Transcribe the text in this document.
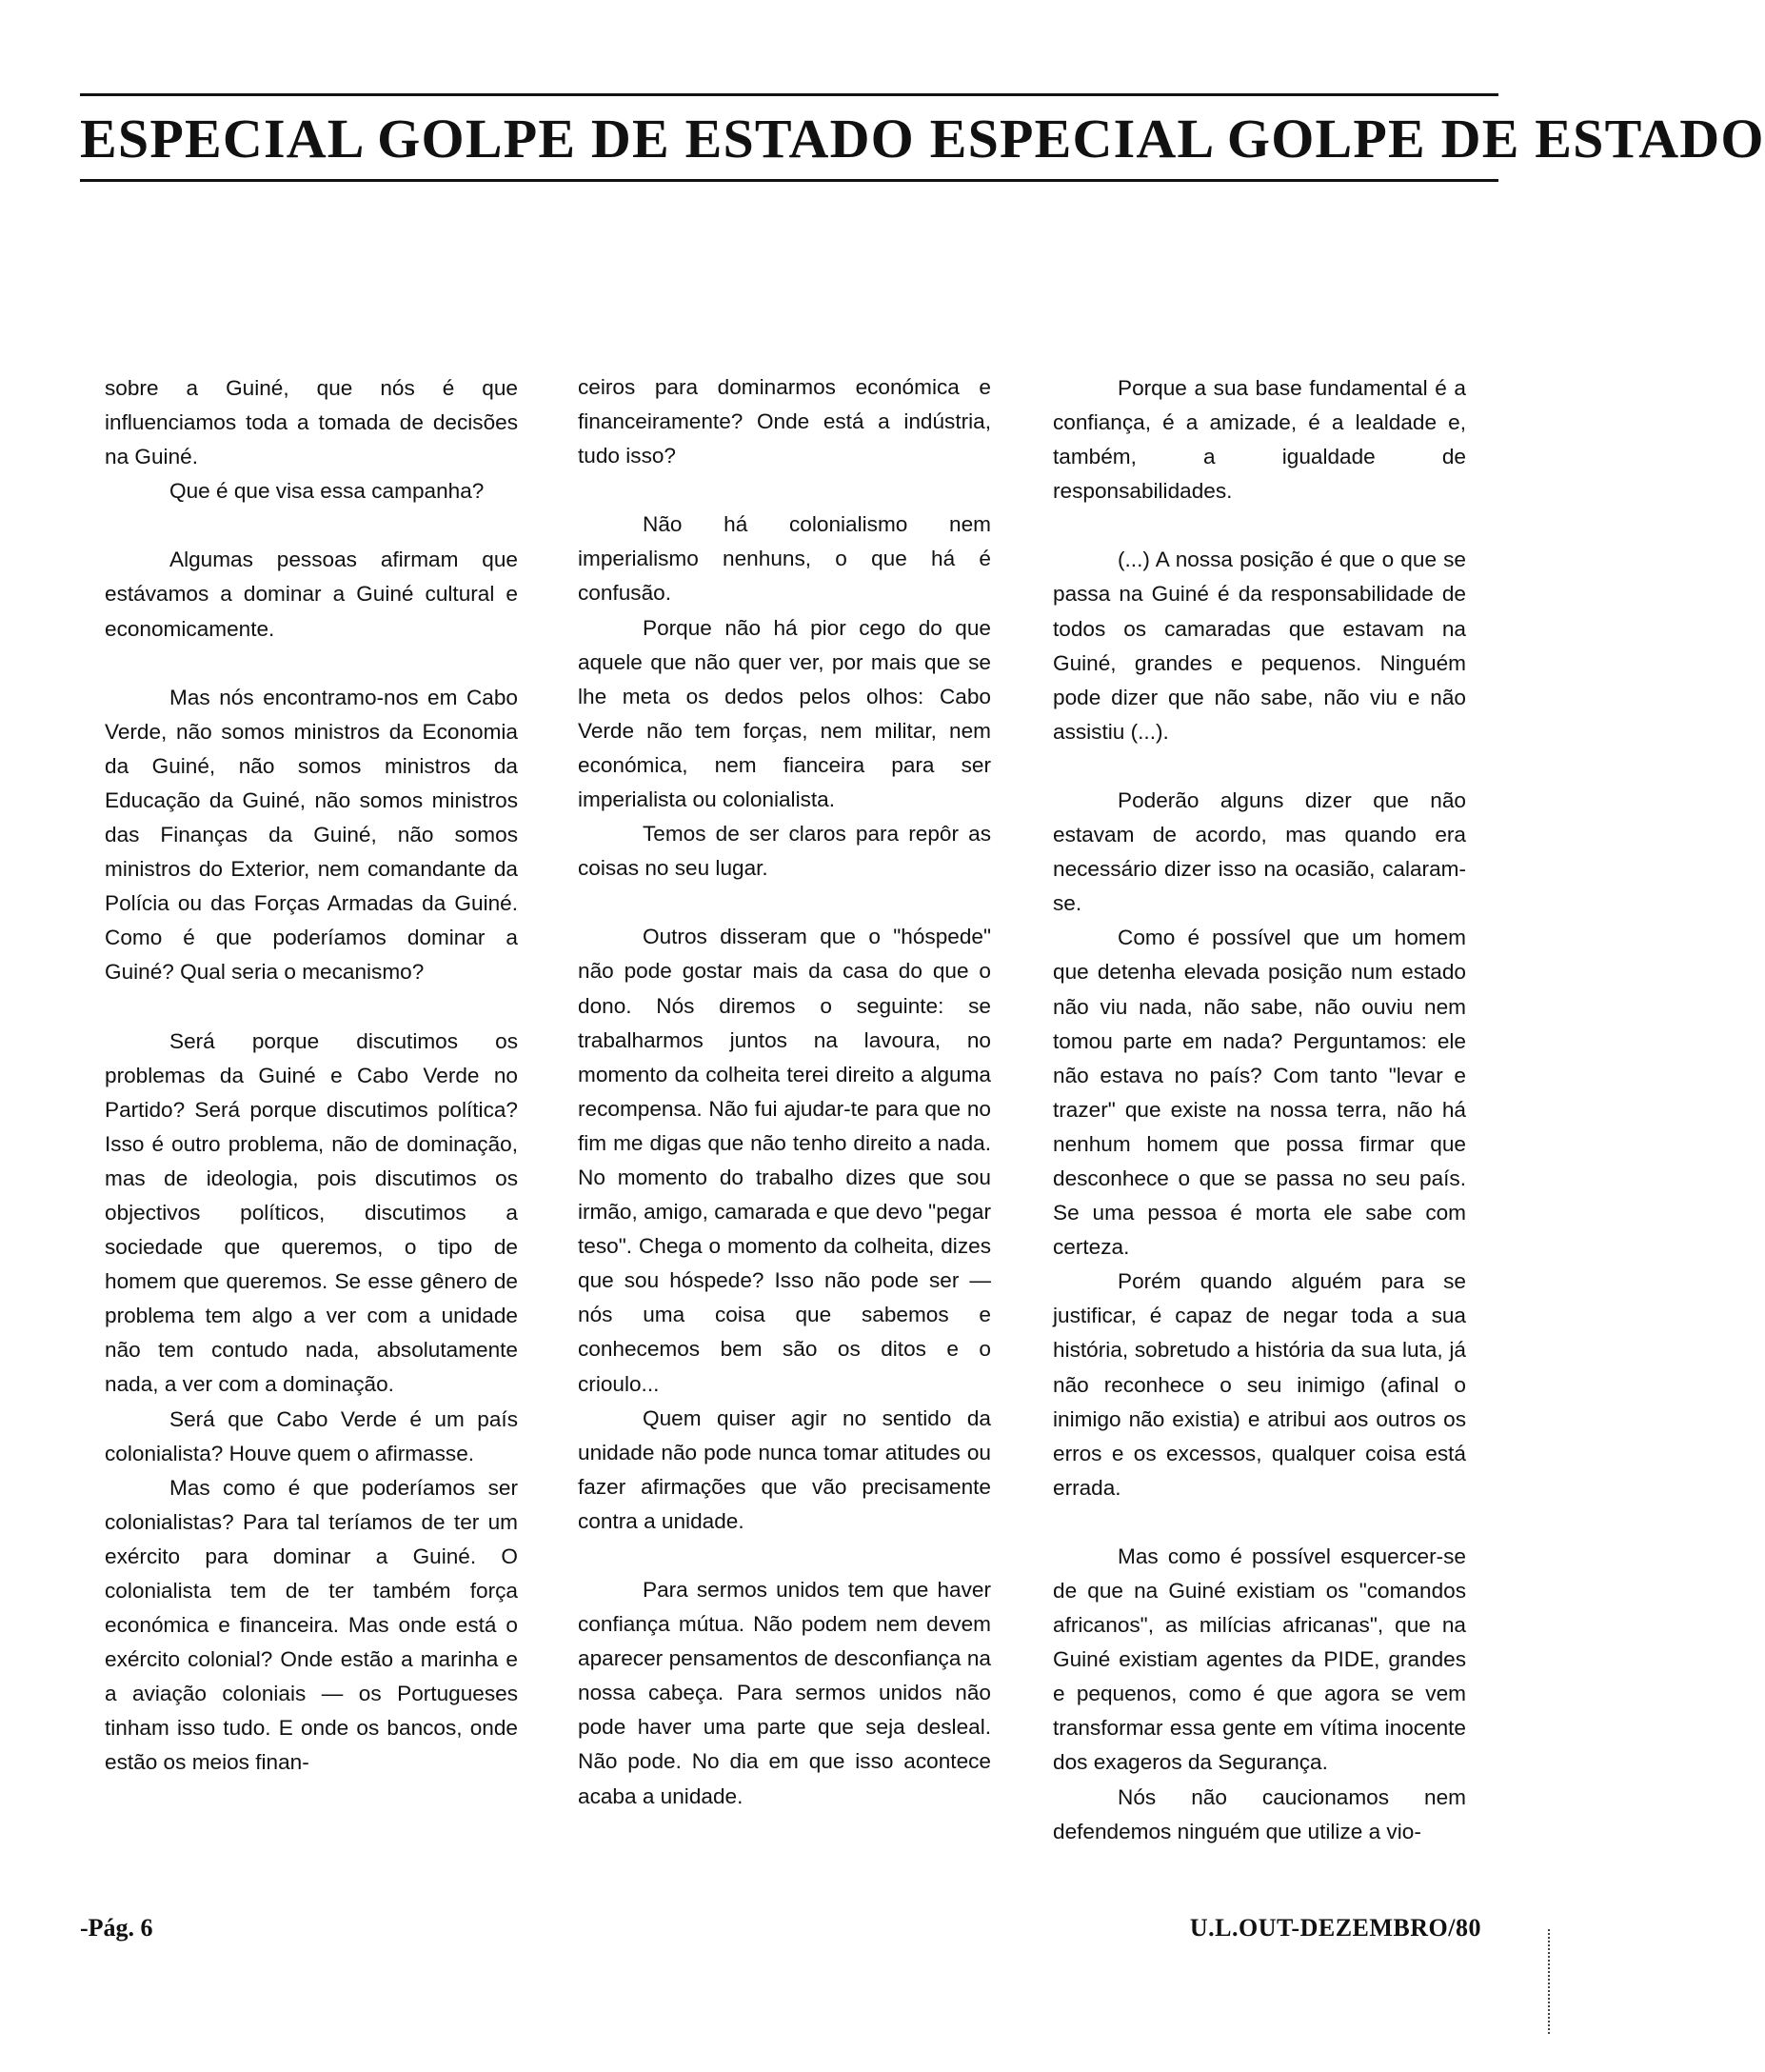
ESPECIAL GOLPE DE ESTADO ESPECIAL GOLPE DE ESTADO

sobre a Guiné, que nós é que influenciamos toda a tomada de decisões na Guiné.

Que é que visa essa campanha?

Algumas pessoas afirmam que estávamos a dominar a Guiné cultural e economicamente.

Mas nós encontramo-nos em Cabo Verde, não somos ministros da Economia da Guiné, não somos ministros da Educação da Guiné, não somos ministros das Finanças da Guiné, não somos ministros do Exterior, nem comandante da Polícia ou das Forças Armadas da Guiné. Como é que poderíamos dominar a Guiné? Qual seria o mecanismo?

Será porque discutimos os problemas da Guiné e Cabo Verde no Partido? Será porque discutimos política? Isso é outro problema, não de dominação, mas de ideologia, pois discutimos os objectivos políticos, discutimos a sociedade que queremos, o tipo de homem que queremos. Se esse gênero de problema tem algo a ver com a unidade não tem contudo nada, absolutamente nada, a ver com a dominação.

Será que Cabo Verde é um país colonialista? Houve quem o afirmasse.

Mas como é que poderíamos ser colonialistas? Para tal teríamos de ter um exército para dominar a Guiné. O colonialista tem de ter também força económica e financeira. Mas onde está o exército colonial? Onde estão a marinha e a aviação coloniais — os Portugueses tinham isso tudo. E onde os bancos, onde estão os meios finan-

ceiros para dominarmos económica e financeiramente? Onde está a indústria, tudo isso?

Não há colonialismo nem imperialismo nenhuns, o que há é confusão.

Porque não há pior cego do que aquele que não quer ver, por mais que se lhe meta os dedos pelos olhos: Cabo Verde não tem forças, nem militar, nem económica, nem fianceira para ser imperialista ou colonialista.

Temos de ser claros para repôr as coisas no seu lugar.

Outros disseram que o "hóspede" não pode gostar mais da casa do que o dono. Nós diremos o seguinte: se trabalharmos juntos na lavoura, no momento da colheita terei direito a alguma recompensa. Não fui ajudar-te para que no fim me digas que não tenho direito a nada. No momento do trabalho dizes que sou irmão, amigo, camarada e que devo "pegar teso". Chega o momento da colheita, dizes que sou hóspede? Isso não pode ser — nós uma coisa que sabemos e conhecemos bem são os ditos e o crioulo...

Quem quiser agir no sentido da unidade não pode nunca tomar atitudes ou fazer afirmações que vão precisamente contra a unidade.

Para sermos unidos tem que haver confiança mútua. Não podem nem devem aparecer pensamentos de desconfiança na nossa cabeça. Para sermos unidos não pode haver uma parte que seja desleal. Não pode. No dia em que isso acontece acaba a unidade.

Porque a sua base fundamental é a confiança, é a amizade, é a lealdade e, também, a igualdade de responsabilidades.

(...) A nossa posição é que o que se passa na Guiné é da responsabilidade de todos os camaradas que estavam na Guiné, grandes e pequenos. Ninguém pode dizer que não sabe, não viu e não assistiu (...).

Poderão alguns dizer que não estavam de acordo, mas quando era necessário dizer isso na ocasião, calaram-se.

Como é possível que um homem que detenha elevada posição num estado não viu nada, não sabe, não ouviu nem tomou parte em nada? Perguntamos: ele não estava no país? Com tanto "levar e trazer" que existe na nossa terra, não há nenhum homem que possa firmar que desconhece o que se passa no seu país. Se uma pessoa é morta ele sabe com certeza.

Porém quando alguém para se justificar, é capaz de negar toda a sua história, sobretudo a história da sua luta, já não reconhece o seu inimigo (afinal o inimigo não existia) e atribui aos outros os erros e os excessos, qualquer coisa está errada.

Mas como é possível esquercer-se de que na Guiné existiam os "comandos africanos", as milícias africanas", que na Guiné existiam agentes da PIDE, grandes e pequenos, como é que agora se vem transformar essa gente em vítima inocente dos exageros da Segurança.

Nós não caucionamos nem defendemos ninguém que utilize a vio-

-Pág. 6	U.L.OUT-DEZEMBRO/80
